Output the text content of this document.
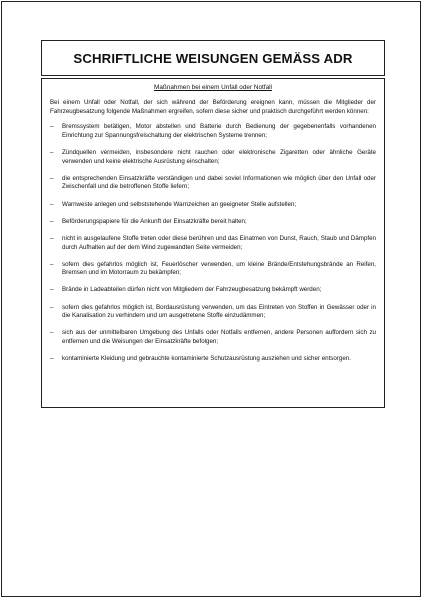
SCHRIFTLICHE WEISUNGEN GEMÄSS ADR
Maßnahmen bei einem Unfall oder Notfall

Bei einem Unfall oder Notfall, der sich während der Beförderung ereignen kann, müssen die Mitglieder der Fahrzeugbesatzung folgende Maßnahmen ergreifen, sofern diese sicher und praktisch durchgeführt werden können:

–	Bremssystem betätigen, Motor abstellen und Batterie durch Bedienung der gegebenenfalls vorhandenen Einrichtung zur Spannungsfreischaltung der elektrischen Systeme trennen;
–	Zündquellen vermeiden, insbesondere nicht rauchen oder elektronische Zigaretten oder ähnliche Geräte verwenden und keine elektrische Ausrüstung einschalten;
–	die entsprechenden Einsatzkräfte verständigen und dabei soviel Informationen wie möglich über den Unfall oder Zwischenfall und die betroffenen Stoffe liefern;
–	Warnweste anlegen und selbststehende Warnzeichen an geeigneter Stelle aufstellen;
–	Beförderungspapiere für die Ankunft der Einsatzkräfte bereit halten;
–	nicht in ausgelaufene Stoffe treten oder diese berühren und das Einatmen von Dunst, Rauch, Staub und Dämpfen durch Aufhalten auf der dem Wind zugewandten Seite vermeiden;
–	sofern dies gefahrlos möglich ist, Feuerlöscher verwenden, um kleine Brände/Entstehungsbrände an Reifen, Bremsen und im Motorraum zu bekämpfen;
–	Brände in Ladeabteilen dürfen nicht von Mitgliedern der Fahrzeugbesatzung bekämpft werden;
–	sofern dies gefahrlos möglich ist, Bordausrüstung verwenden, um das Eintreten von Stoffen in Gewässer oder in die Kanalisation zu verhindern und um ausgetretene Stoffe einzudämmen;
–	sich aus der unmittelbaren Umgebung des Unfalls oder Notfalls entfernen, andere Personen auffordern sich zu entfernen und die Weisungen der Einsatzkräfte befolgen;
–	kontaminierte Kleidung und gebrauchte kontaminierte Schutzausrüstung ausziehen und sicher entsorgen.
